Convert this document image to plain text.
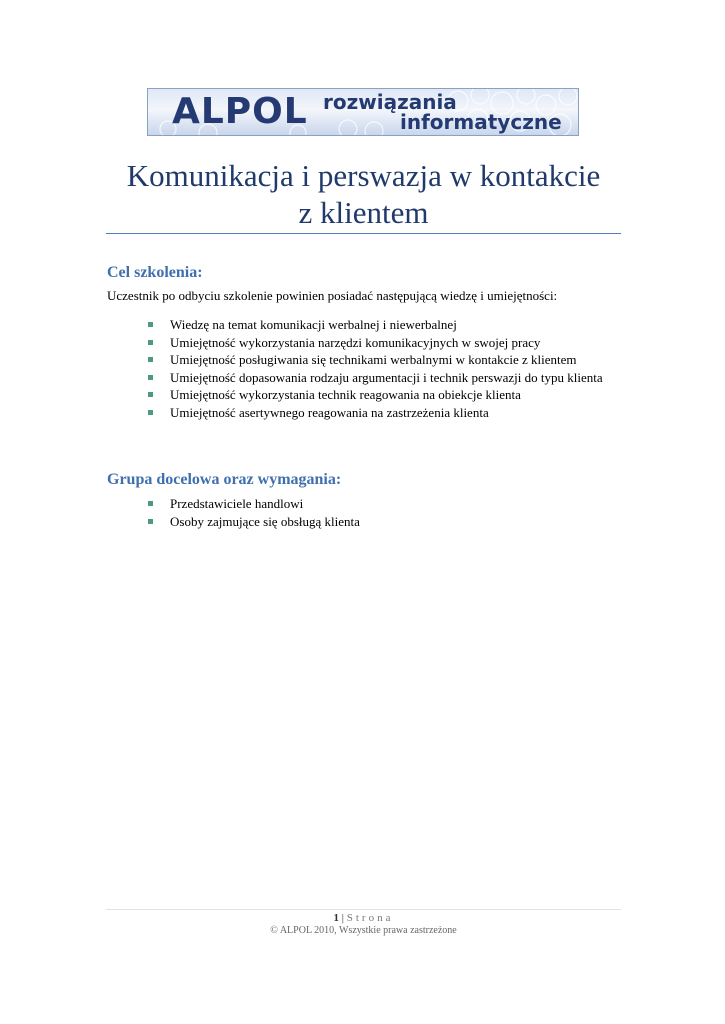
ALPOL rozwiązania
informatyczne
Komunikacja i perswazja w kontakcie
z klientem
Cel szkolenia:

Uczestnik po odbyciu szkolenie powinien posiadać następującą wiedzę i umiejętności:

Wiedzę na temat komunikacji werbalnej i niewerbalnej
Umiejętność wykorzystania narzędzi komunikacyjnych w swojej pracy
Umiejętność posługiwania się technikami werbalnymi w kontakcie z klientem
Umiejętność dopasowania rodzaju argumentacji i technik perswazji do typu klienta
Umiejętność wykorzystania technik reagowania na obiekcje klienta
Umiejętność asertywnego reagowania na zastrzeżenia klienta
Grupa docelowa oraz wymagania:
Przedstawiciele handlowi
Osoby zajmujące się obsługą klienta
1 | Strona
© ALPOL 2010, Wszystkie prawa zastrzeżone
